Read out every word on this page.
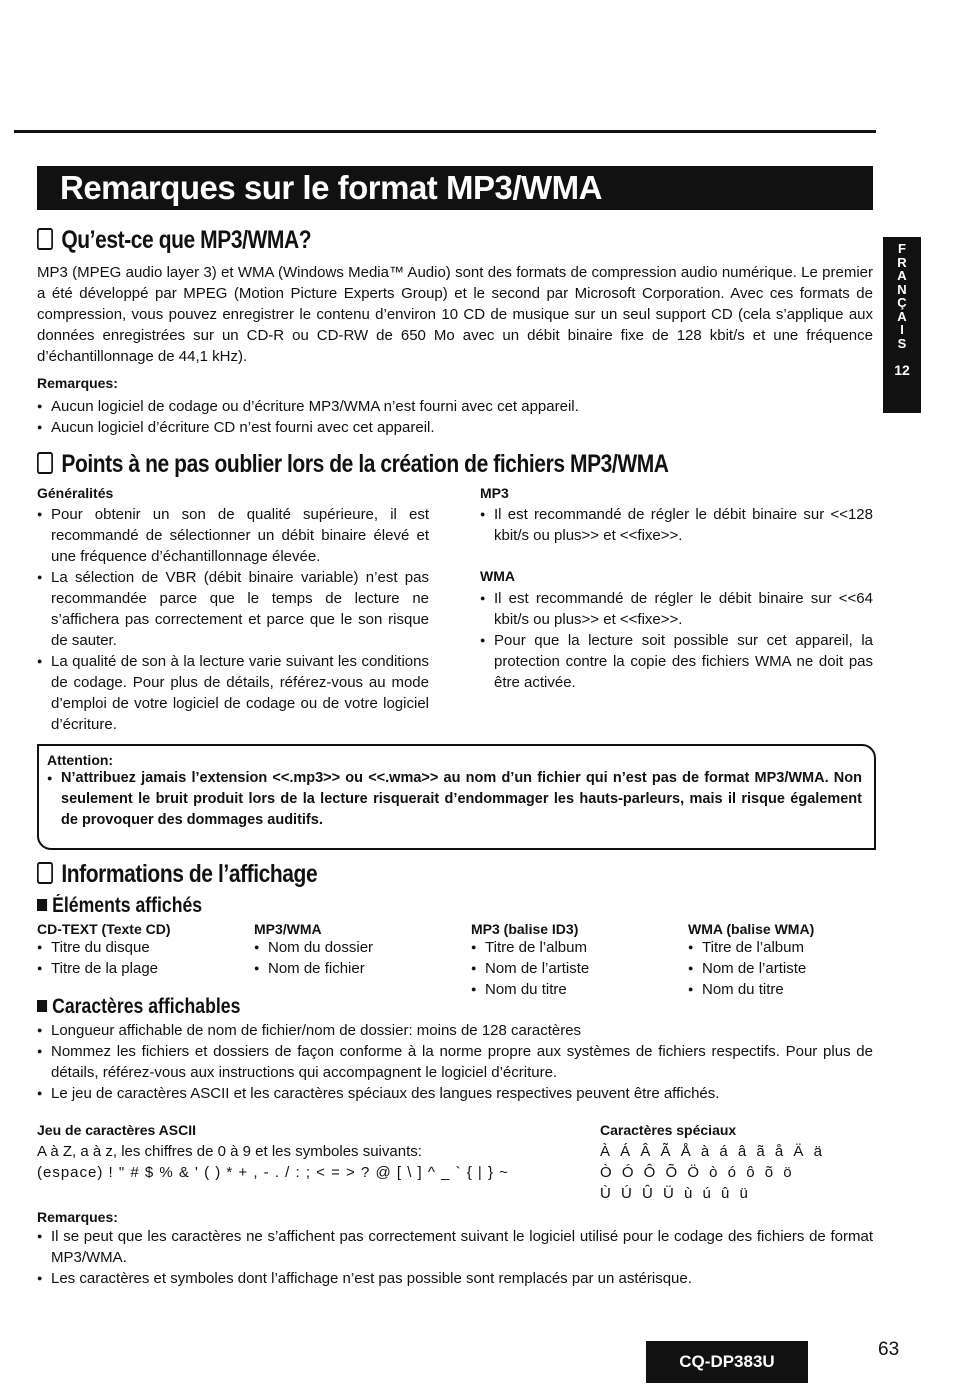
Remarques sur le format MP3/WMA
F
R
A
N
Ç
A
I
S
12
Qu’est-ce que MP3/WMA?
MP3 (MPEG audio layer 3) et WMA (Windows Media™ Audio) sont des formats de compression audio numérique. Le premier a été développé par MPEG (Motion Picture Experts Group) et le second par Microsoft Corporation. Avec ces formats de compression, vous pouvez enregistrer le contenu d’environ 10 CD de musique sur un seul support CD (cela s’applique aux données enregistrées sur un CD-R ou CD-RW de 650 Mo avec un débit binaire fixe de 128 kbit/s et une fréquence d’échantillonnage de 44,1 kHz).
Remarques:
● Aucun logiciel de codage ou d’écriture MP3/WMA n’est fourni avec cet appareil.
● Aucun logiciel d’écriture CD n’est fourni avec cet appareil.
Points à ne pas oublier lors de la création de fichiers MP3/WMA
Généralités
● Pour obtenir un son de qualité supérieure, il est recommandé de sélectionner un débit binaire élevé et une fréquence d’échantillonnage élevée.
● La sélection de VBR (débit binaire variable) n’est pas recommandée parce que le temps de lecture ne s’affichera pas correctement et parce que le son risque de sauter.
● La qualité de son à la lecture varie suivant les conditions de codage. Pour plus de détails, référez-vous au mode d’emploi de votre logiciel de codage ou de votre logiciel d’écriture.
MP3
● Il est recommandé de régler le débit binaire sur <<128 kbit/s ou plus>> et <<fixe>>.
WMA
● Il est recommandé de régler le débit binaire sur <<64 kbit/s ou plus>> et <<fixe>>.
● Pour que la lecture soit possible sur cet appareil, la protection contre la copie des fichiers WMA ne doit pas être activée.
Attention:
● N’attribuez jamais l’extension <<.mp3>> ou <<.wma>> au nom d’un fichier qui n’est pas de format MP3/WMA. Non seulement le bruit produit lors de la lecture risquerait d’endommager les hauts-parleurs, mais il risque également de provoquer des dommages auditifs.
Informations de l’affichage
Éléments affichés
CD-TEXT (Texte CD)
● Titre du disque
● Titre de la plage
MP3/WMA
● Nom du dossier
● Nom de fichier
MP3 (balise ID3)
● Titre de l’album
● Nom de l’artiste
● Nom du titre
WMA (balise WMA)
● Titre de l’album
● Nom de l’artiste
● Nom du titre
Caractères affichables
● Longueur affichable de nom de fichier/nom de dossier: moins de 128 caractères
● Nommez les fichiers et dossiers de façon conforme à la norme propre aux systèmes de fichiers respectifs. Pour plus de détails, référez-vous aux instructions qui accompagnent le logiciel d’écriture.
● Le jeu de caractères ASCII et les caractères spéciaux des langues respectives peuvent être affichés.
Jeu de caractères ASCII
A à Z, a à z, les chiffres de 0 à 9 et les symboles suivants:
(espace) ! " # $ % & ' ( ) * + , - . / : ; < = > ? @ [ \ ] ^ _ ` { | } ~
Caractères spéciaux
À Á Â Ã Å à á â ã å Ä ä
Ò Ó Ô Õ Ö ò ó ô õ ö
Ù Ú Û Ü ù ú û ü
Remarques:
● Il se peut que les caractères ne s’affichent pas correctement suivant le logiciel utilisé pour le codage des fichiers de format MP3/WMA.
● Les caractères et symboles dont l’affichage n’est pas possible sont remplacés par un astérisque.
CQ-DP383U
63
